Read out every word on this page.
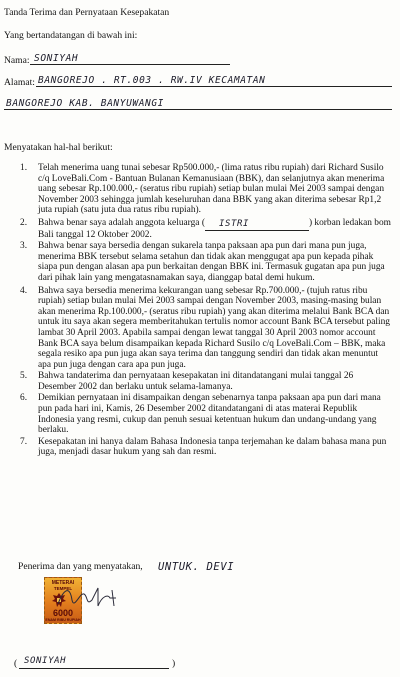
Tanda Terima dan Pernyataan Kesepakatan
Yang bertandatangan di bawah ini:
Nama: SONIYAH
Alamat: BANGOREJO . RT.003 . RW.IV KECAMATAN
BANGOREJO KAB. BANYUWANGI
Menyatakan hal-hal berikut:
1. Telah menerima uang tunai sebesar Rp500.000,- (lima ratus ribu rupiah) dari Richard Susilo c/q LoveBali.Com - Bantuan Bulanan Kemanusiaan (BBK), dan selanjutnya akan menerima uang sebesar Rp.100.000,- (seratus ribu rupiah) setiap bulan mulai Mei 2003 sampai dengan November 2003 sehingga jumlah keseluruhan dana BBK yang akan diterima sebesar Rp1,2 juta rupiah (satu juta dua ratus ribu rupiah).
2. Bahwa benar saya adalah anggota keluarga ( ISTRI	) korban ledakan bom Bali tanggal 12 Oktober 2002.
3. Bahwa benar saya bersedia dengan sukarela tanpa paksaan apa pun dari mana pun juga, menerima BBK tersebut selama setahun dan tidak akan menggugat apa pun kepada pihak siapa pun dengan alasan apa pun berkaitan dengan BBK ini. Termasuk gugatan apa pun juga dari pihak lain yang mengatasnamakan saya, dianggap batal demi hukum.
4. Bahwa saya bersedia menerima kekurangan uang sebesar Rp.700.000,- (tujuh ratus ribu rupiah) setiap bulan mulai Mei 2003 sampai dengan November 2003, masing-masing bulan akan menerima Rp.100.000,- (seratus ribu rupiah) yang akan diterima melalui Bank BCA dan untuk itu saya akan segera memberitahukan tertulis nomor account Bank BCA tersebut paling lambat 30 April 2003. Apabila sampai dengan lewat tanggal 30 April 2003 nomor account Bank BCA saya belum disampaikan kepada Richard Susilo c/q LoveBali.Com – BBK, maka segala resiko apa pun juga akan saya terima dan tanggung sendiri dan tidak akan menuntut apa pun juga dengan cara apa pun juga.
5. Bahwa tandaterima dan pernyataan kesepakatan ini ditandatangani mulai tanggal 26 Desember 2002 dan berlaku untuk selama-lamanya.
6. Demikian pernyataan ini disampaikan dengan sebenarnya tanpa paksaan apa pun dari mana pun pada hari ini, Kamis, 26 Desember 2002 ditandatangani di atas materai Republik Indonesia yang resmi, cukup dan penuh sesuai ketentuan hukum dan undang-undang yang berlaku.
7. Kesepakatan ini hanya dalam Bahasa Indonesia tanpa terjemahan ke dalam bahasa mana pun juga, menjadi dasar hukum yang sah dan resmi.
Penerima dan yang menyatakan, UNTUK. DEVI
METERAI
TEMPEL
6000
ENAM RIBU RUPIAH
( SONIYAH	)
